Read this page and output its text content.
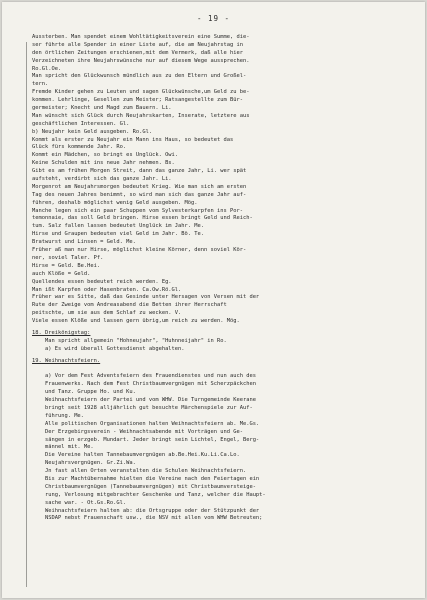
- 19 -
Aussterben. Man spendet einem Wohltätigkeitsverein eine Summe, die-
ser führte alle Spender in einer Liste auf, die am Neujahrstag in
den örtlichen Zeitungen erschienen,mit dem Vermerk, daß alle hier
Verzeichneten ihre Neujahrswünsche nur auf diesem Wege aussprechen.
Ro.Gl.Oe.
Man spricht den Glückwunsch mündlich aus zu den Eltern und Großel-
tern.
Fremde Kinder gehen zu Leuten und sagen Glückwünsche,um Geld zu be-
kommen. Lehrlinge, Gesellen zum Meister; Ratsangestellte zum Bür-
germeister; Knecht und Magd zum Bauern. Li.
Man wünscht sich Glück durch Neujahrskarten, Inserate, letztere aus
geschäftlichen Interessen. Gl.
b) Neujahr kein Geld ausgeben. Ro.Gl.
Kommt als erster zu Neujahr ein Mann ins Haus, so bedeutet das
Glück fürs kommende Jahr. Ro.
Kommt ein Mädchen, so bringt es Unglück. Owi.
Keine Schulden mit ins neue Jahr nehmen. Bs.
Gibt es am frühen Morgen Streit, dann das ganze Jahr, Li. wer spät
aufsteht, verdirbt sich das ganze Jahr. Li.
Morgenrot am Neujahrsmorgen bedeutet Krieg. Wie man sich am ersten
Tag des neuen Jahres benimmt, so wird man sich das ganze Jahr auf-
führen, deshalb möglichst wenig Geld ausgeben. Mög.
Manche legen sich ein paar Schuppen vom Sylvesterkarpfen ins Por-
temonnaie, das soll Geld bringen. Hirse essen bringt Geld und Reich-
tum. Salz fallen lassen bedeutet Unglück im Jahr. Me.
Hirse und Graupen bedeuten viel Geld im Jahr. Bö. Te.
Bratwurst und Linsen = Geld. Me.
Früher aß man nur Hirse, möglichst kleine Körner, denn soviel Kör-
ner, soviel Taler. Pf.
Hirse = Geld. Be.Hei.
auch Klöße = Geld.
Quellendes essen bedeutet reich werden. Eg.
Man ißt Karpfen oder Hasenbraten. Ca.Ow.Rö.Gl.
Früher war es Sitte, daß das Gesinde unter Hersagen von Versen mit der
Rute der Zweige vom Andreasabend die Betten ihrer Herrschaft
peitschte, um sie aus dem Schlaf zu wecken. V.
Viele essen Klöße und lassen gern übrig,um reich zu werden. Mög.
18. Dreikönigstag:
Man spricht allgemein "Hohneujahr", "Huhnneijahr" in Ro.
a) Es wird überall Gottesdienst abgehalten.
19. Weihnachtsfeiern.
a) Vor dem Fest Adventsfeiern des Frauendienstes und nun auch des
Frauenwerks. Nach dem Fest Christbaumvergnügen mit Scherzpäckchen
und Tanz. Gruppe Ho. und Ku.
Weihnachtsfeiern der Partei und vom WHW. Die Turngemeinde Keerane
bringt seit 1928 alljährlich gut besuchte Märchenspiele zur Auf-
führung. Me.
Alle politischen Organisationen halten Weihnachtsfeiern ab. Me.Gs.
Der Erzgebirgsverein - Weihnachtsabende mit Vorträgen und Ge-
sängen in erzgeb. Mundart. Jeder bringt sein Lichtel, Engel, Berg-
männel mit. Me.
Die Vereine halten Tannebaumvergnügen ab.Be.Hei.Ku.Li.Ca.Lo.
Neujahrsvergnügen. Gr.Zi.Wa.
Jn fast allen Orten veranstalten die Schulen Weihnachtsfeiern.
Bis zur Machtübernahme hielten die Vereine nach den Feiertagen ein
Christbaumvergnügen (Tannebaumvergnügen) mit Christbaumversteige-
rung, Verlosung mitgebrachter Geschenke und Tanz, welcher die Haupt-
sache war. - Ot.Gs.Ro.Gl.
Weihnachtsfeiern halten ab: die Ortsgruppe oder der Stützpunkt der
NSDAP nebst Frauenschaft usw., die NSV mit allen vom WHW Betreuten;
